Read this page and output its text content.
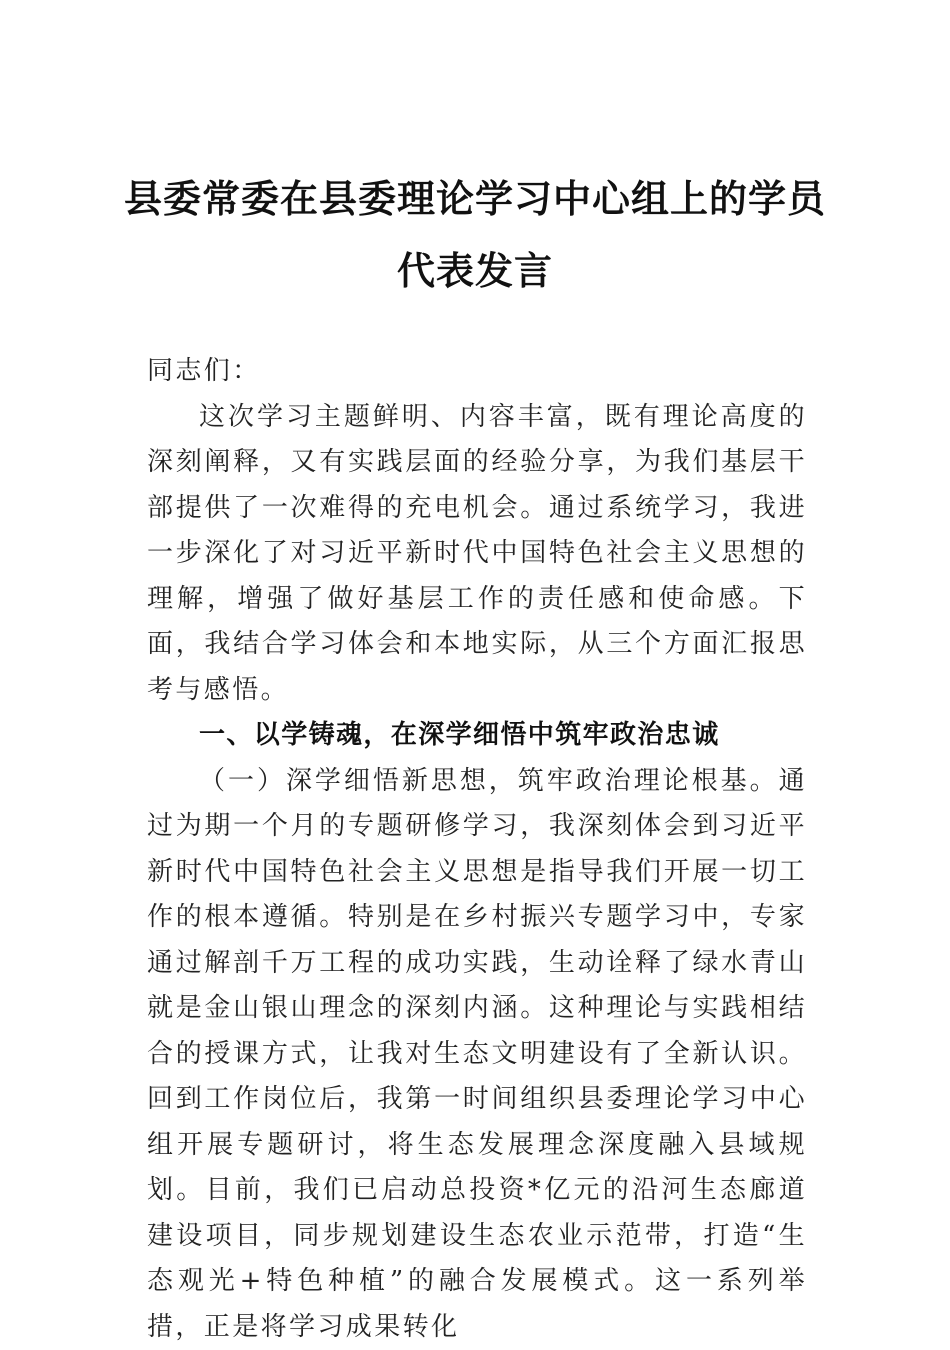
县委常委在县委理论学习中心组上的学员
代表发言

同志们：

这次学习主题鲜明、内容丰富，既有理论高度的深刻阐释，又有实践层面的经验分享，为我们基层干部提供了一次难得的充电机会。通过系统学习，我进一步深化了对习近平新时代中国特色社会主义思想的理解，增强了做好基层工作的责任感和使命感。下面，我结合学习体会和本地实际，从三个方面汇报思考与感悟。

一、以学铸魂，在深学细悟中筑牢政治忠诚

（一）深学细悟新思想，筑牢政治理论根基。通过为期一个月的专题研修学习，我深刻体会到习近平新时代中国特色社会主义思想是指导我们开展一切工作的根本遵循。特别是在乡村振兴专题学习中，专家通过解剖千万工程的成功实践，生动诠释了绿水青山就是金山银山理念的深刻内涵。这种理论与实践相结合的授课方式，让我对生态文明建设有了全新认识。回到工作岗位后，我第一时间组织县委理论学习中心组开展专题研讨，将生态发展理念深度融入县域规划。目前，我们已启动总投资*亿元的沿河生态廊道建设项目，同步规划建设生态农业示范带，打造“生态观光+特色种植”的融合发展模式。这一系列举措，正是将学习成果转化
